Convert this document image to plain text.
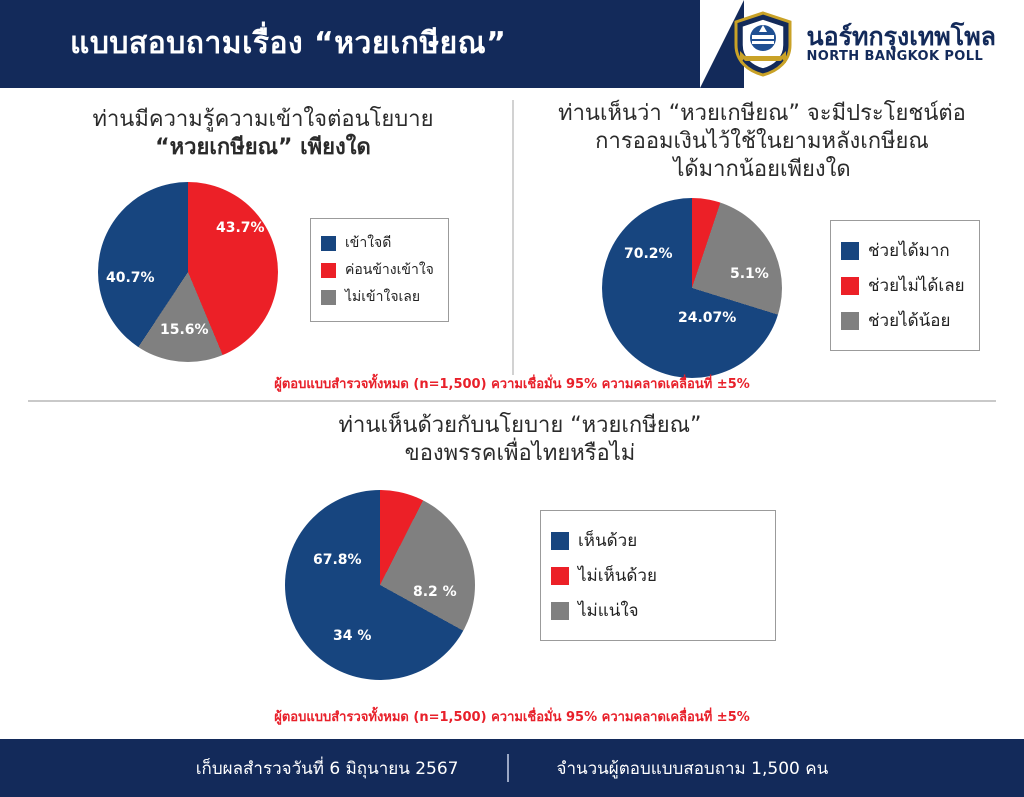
แบบสอบถามเรื่อง “หวยเกษียณ”	นอร์ทกรุงเทพโพล
NORTH BANGKOK POLL
ท่านมีความรู้ความเข้าใจต่อนโยบาย
“หวยเกษียณ” เพียงใด
43.7%
40.7%
15.6%
เข้าใจดี
ค่อนข้างเข้าใจ
ไม่เข้าใจเลย
ท่านเห็นว่า “หวยเกษียณ” จะมีประโยชน์ต่อ
การออมเงินไว้ใช้ในยามหลังเกษียณ
ได้มากน้อยเพียงใด
70.2%
5.1%
24.07%
ช่วยได้มาก
ช่วยไม่ได้เลย
ช่วยได้น้อย
ผู้ตอบแบบสำรวจทั้งหมด (n=1,500) ความเชื่อมั่น 95% ความคลาดเคลื่อนที่ ±5%
ท่านเห็นด้วยกับนโยบาย “หวยเกษียณ”
ของพรรคเพื่อไทยหรือไม่
67.8%
8.2 %
34 %
เห็นด้วย
ไม่เห็นด้วย
ไม่แน่ใจ
ผู้ตอบแบบสำรวจทั้งหมด (n=1,500) ความเชื่อมั่น 95% ความคลาดเคลื่อนที่ ±5%
เก็บผลสำรวจวันที่ 6 มิถุนายน 2567	จำนวนผู้ตอบแบบสอบถาม 1,500 คน
